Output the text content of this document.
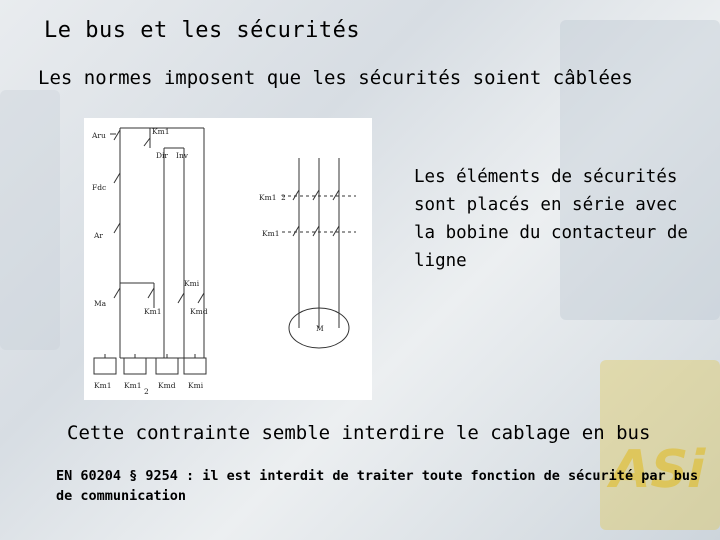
ASi
Le bus et les sécurités
Les normes imposent que les sécurités soient câblées
Aru
Fdc
Ar
Ma
Km1
Dir Inv
Kmi
Km1	Kmd
Km1 2
Km1
M
Km1 Km1
2
Kmd Kmi
Les éléments de sécurités sont placés en série avec la bobine du contacteur de ligne
Cette contrainte semble interdire le cablage en bus
EN 60204 § 9254 : il est interdit de traiter toute fonction de sécurité par bus de communication
